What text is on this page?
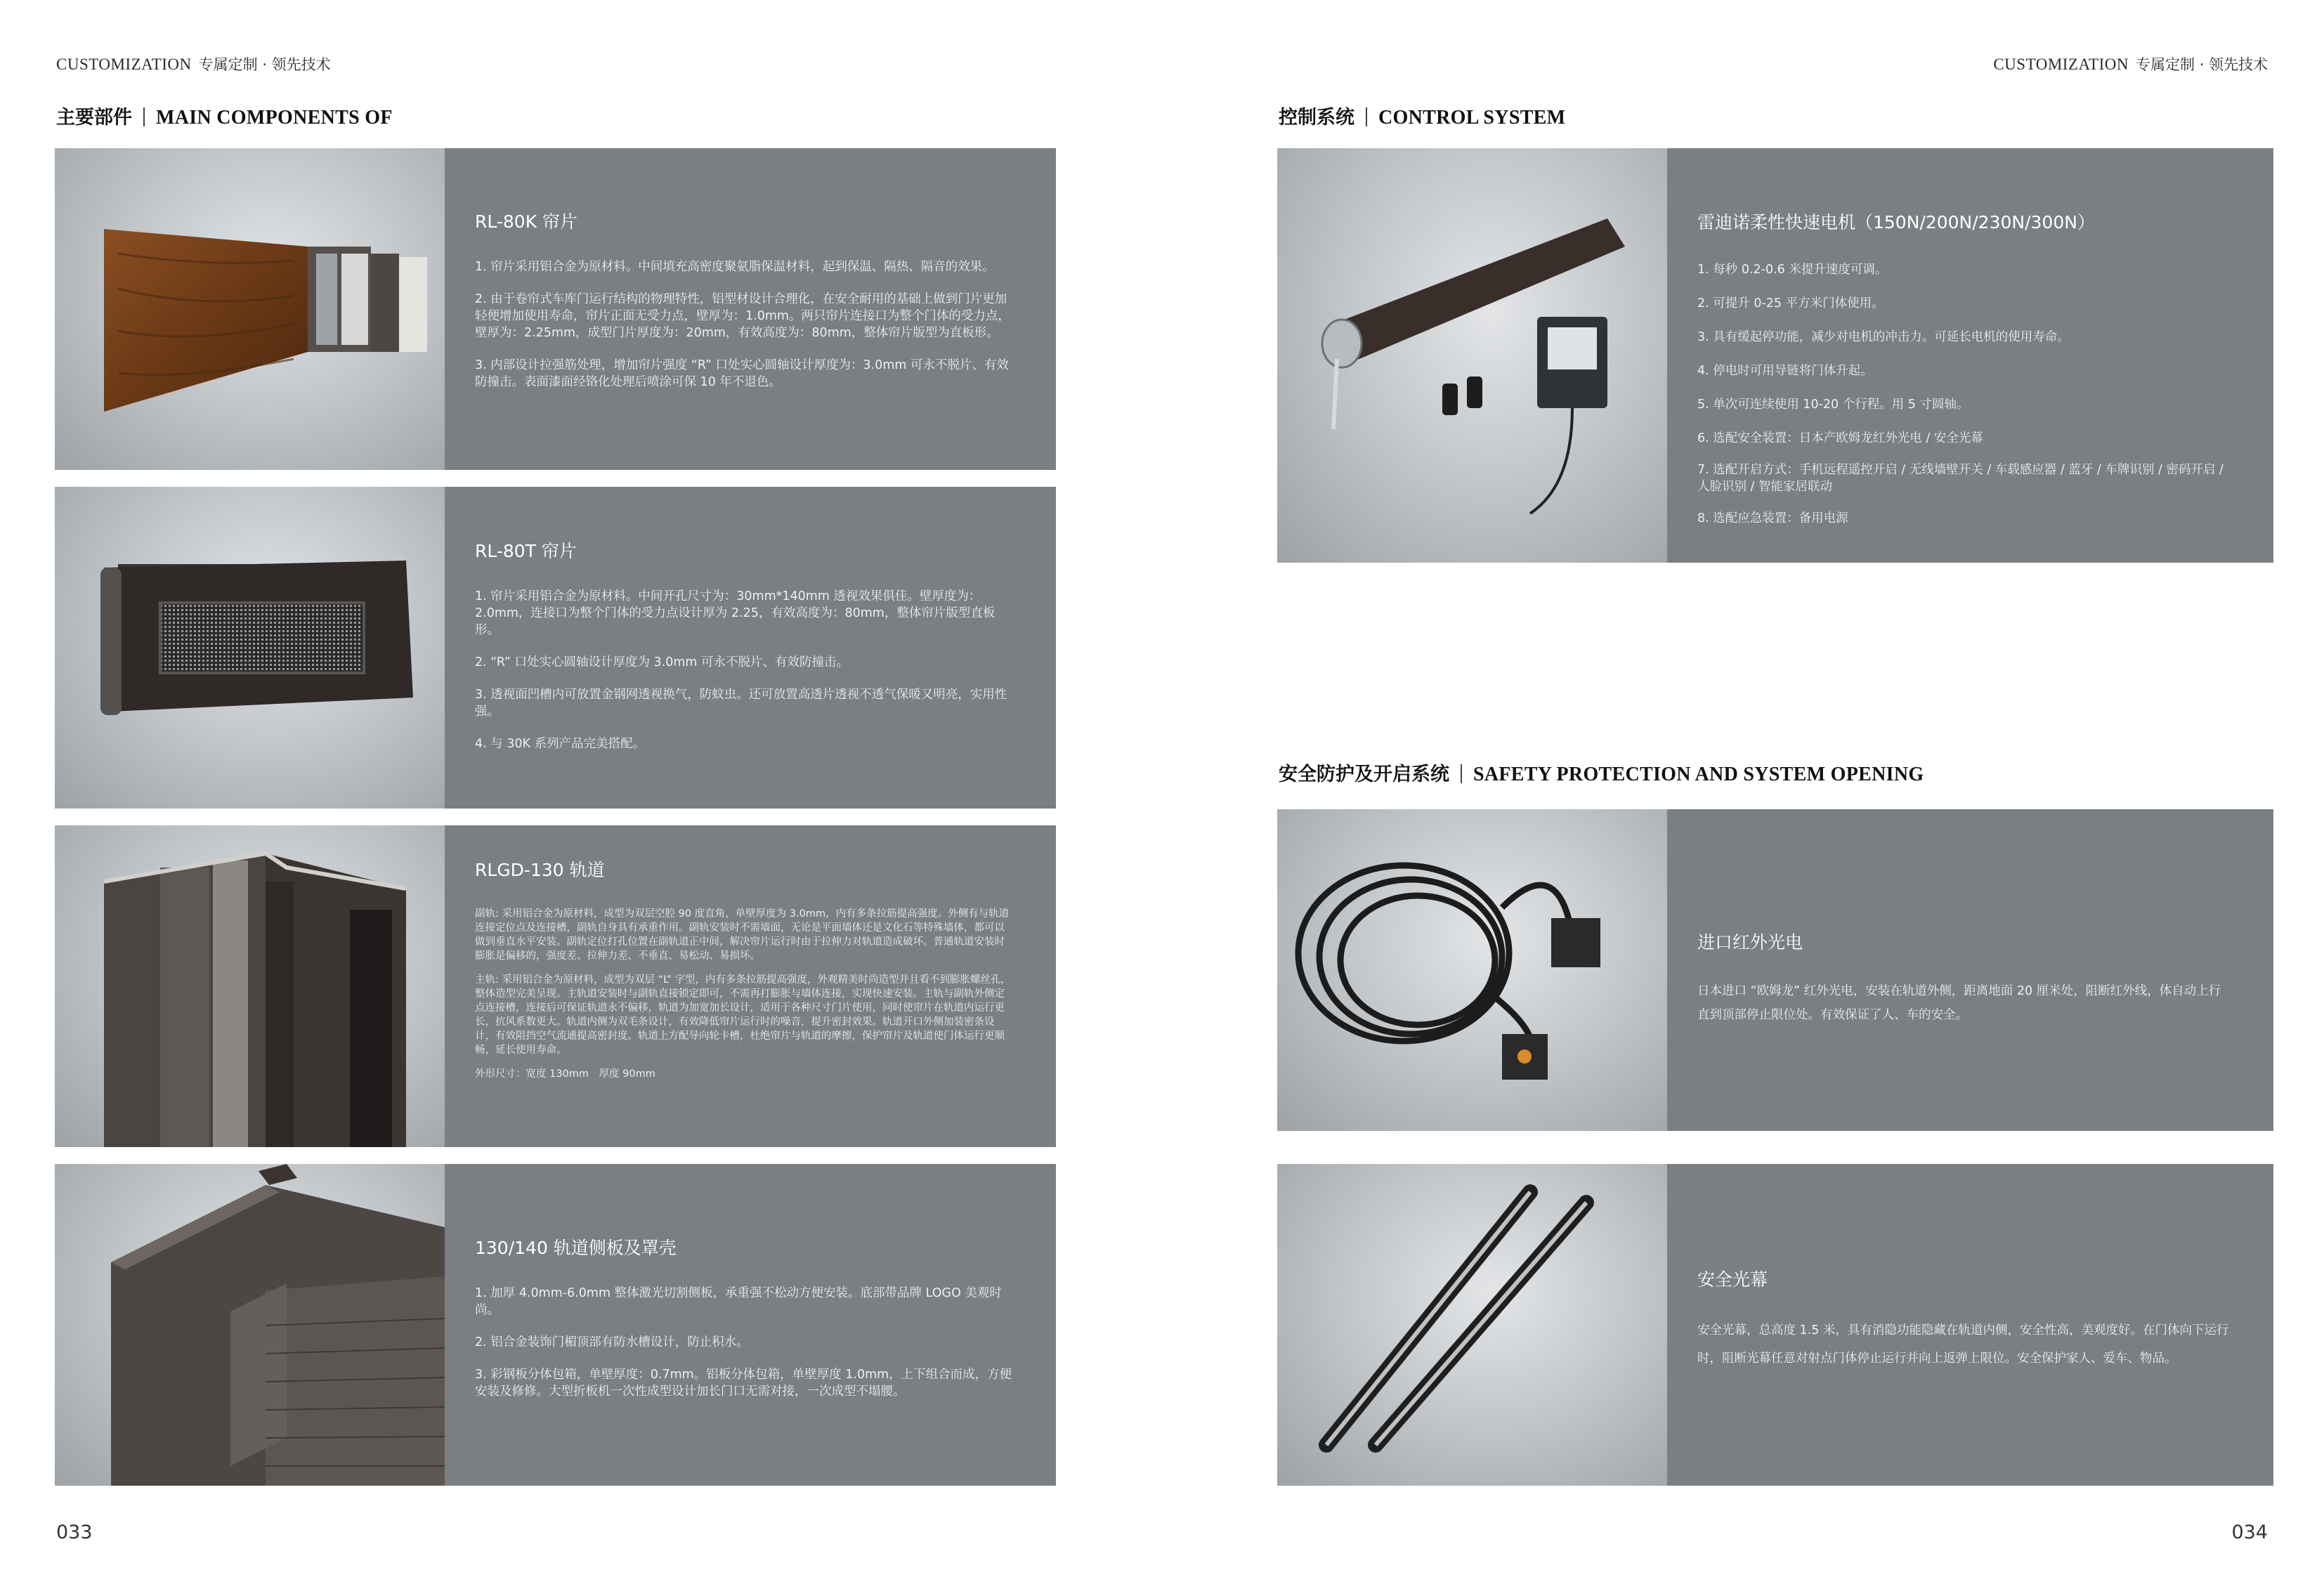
CUSTOMIZATION 专属定制 · 领先技术	CUSTOMIZATION 专属定制 · 领先技术
主要部件 MAIN COMPONENTS OF	控制系统 CONTROL SYSTEM
安全防护及开启系统 SAFETY PROTECTION AND SYSTEM OPENING

RL-80K 帘片

1. 帘片采用铝合金为原材料。中间填充高密度聚氨脂保温材料，起到保温、隔热、隔音的效果。

2. 由于卷帘式车库门运行结构的物理特性，铝型材设计合理化，在安全耐用的基础上做到门片更加轻便增加使用寿命，帘片正面无受力点，壁厚为：1.0mm。两只帘片连接口为整个门体的受力点，壁厚为：2.25mm，成型门片厚度为：20mm，有效高度为：80mm，整体帘片版型为直板形。

3. 内部设计拉强筋处理，增加帘片强度 “R” 口处实心圆轴设计厚度为：3.0mm 可永不脱片、有效防撞击。表面漆面经铬化处理后喷涂可保 10 年不退色。

RL-80T 帘片

1. 帘片采用铝合金为原材料。中间开孔尺寸为：30mm*140mm 透视效果俱佳。壁厚度为：2.0mm，连接口为整个门体的受力点设计厚为 2.25，有效高度为：80mm，整体帘片版型直板形。

2. “R” 口处实心圆轴设计厚度为 3.0mm 可永不脱片、有效防撞击。

3. 透视面凹槽内可放置金钢网透视换气，防蚊虫。还可放置高透片透视不透气保暖又明亮，实用性强。

4. 与 30K 系列产品完美搭配。

RLGD-130 轨道

副轨: 采用铝合金为原材料，成型为双层空腔 90 度直角，单壁厚度为 3.0mm，内有多条拉筋提高强度。外侧有与轨道连接定位点及连接槽，副轨自身具有承重作用。副轨安装时不需墙面，无论是平面墙体还是文化石等特殊墙体，都可以做到垂直水平安装。副轨定位打孔位置在副轨道正中间，解决帘片运行时由于拉伸力对轨道造成破坏。普通轨道安装时膨胀是偏移的，强度差、拉伸力差、不垂直、易松动、易损坏。

主轨: 采用铝合金为原材料，成型为双层 “L” 字型，内有多条拉筋提高强度，外观精美时尚造型并且看不到膨胀螺丝孔，整体造型完美呈现。主轨道安装时与副轨直接锁定即可，不需再打膨胀与墙体连接，实现快速安装。主轨与副轨外侧定点连接槽，连接后可保证轨道永不偏移，轨道为加宽加长设计，适用于各种尺寸门片使用，同时使帘片在轨道内运行更长，抗风系数更大。轨道内侧为双毛条设计，有效降低帘片运行时的噪音，提升密封效果。轨道开口外侧加装密条设计，有效阻挡空气流通提高密封度。轨道上方配导向轮卡槽，杜绝帘片与轨道的摩擦，保护帘片及轨道使门体运行更顺畅，延长使用寿命。

外形尺寸：宽度 130mm　厚度 90mm

130/140 轨道侧板及罩壳

1. 加厚 4.0mm-6.0mm 整体激光切割侧板，承重强不松动方便安装。底部带品牌 LOGO 美观时尚。

2. 铝合金装饰门楣顶部有防水槽设计，防止积水。

3. 彩钢板分体包箱，单壁厚度：0.7mm。铝板分体包箱，单壁厚度 1.0mm，上下组合而成，方便安装及修修。大型折板机一次性成型设计加长门口无需对接，一次成型不塌腰。

雷迪诺柔性快速电机（150N/200N/230N/300N）

1. 每秒 0.2-0.6 米提升速度可调。

2. 可提升 0-25 平方米门体使用。

3. 具有缓起停功能，减少对电机的冲击力。可延长电机的使用寿命。

4. 停电时可用导链将门体升起。

5. 单次可连续使用 10-20 个行程。用 5 寸圆轴。

6. 选配安全装置：日本产欧姆龙红外光电 / 安全光幕

7. 选配开启方式：手机远程遥控开启 / 无线墙壁开关 / 车载感应器 / 蓝牙 / 车牌识别 / 密码开启 / 人脸识别 / 智能家居联动

8. 选配应急装置：备用电源

进口红外光电

日本进口 “欧姆龙” 红外光电，安装在轨道外侧，距离地面 20 厘米处，阻断红外线，体自动上行直到顶部停止限位处。有效保证了人、车的安全。

安全光幕

安全光幕，总高度 1.5 米，具有消隐功能隐藏在轨道内侧，安全性高，美观度好。在门体向下运行时，阻断光幕任意对射点门体停止运行并向上返弹上限位。安全保护家人、爱车、物品。

033	034
